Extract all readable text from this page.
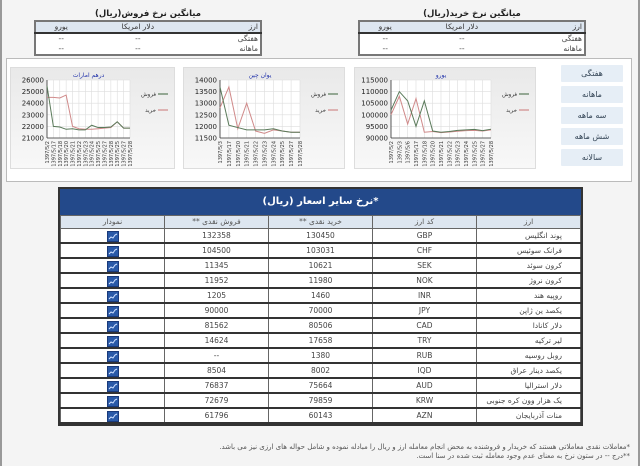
میانگین نرخ خرید(ریال)
ارز	دلار امریکا	یورو
هفتگی	--	--
ماهانه	--	--
میانگین نرخ فروش(ریال)
ارز	دلار امریکا	یورو
هفتگی	--	--
ماهانه	--	--
21000
22000
23000
24000
25000
26000
1397/5/2 1397/5/17 1397/5/18 1397/5/20 1397/5/21 1397/5/22 1397/5/23 1397/5/24 1397/5/25 1397/5/27 1397/5/28 1397/5/25 1397/5/27 1397/5/28
درهم امارات
فروش
خرید
11500
12000
12500
13000
13500
14000
1397/5/3 1397/5/17 1397/5/20 1397/5/21 1397/5/22 1397/5/23 1397/5/24 1397/5/25 1397/5/27 1397/5/28
یوان چین
فروش
خرید
90000
95000
100000
105000
110000
115000
1397/5/2 1397/5/3 1397/5/6 1397/5/17 1397/5/18 1397/5/20 1397/5/21 1397/5/22 1397/5/23 1397/5/24 1397/5/25 1397/5/27 1397/5/28
یورو
فروش
خرید
هفتگی
ماهانه
سه ماهه
شش ماهه
سالانه
نرخ سایر اسعار (ریال)*
ارز	کد ارز	خرید نقدی **	فروش نقدی **	نمودار
پوند انگلیس	GBP	130450	132358	

فرانک سوئیس	CHF	103031	104500	

کرون سوئد	SEK	10621	11345	

کرون نروژ	NOK	11980	11952	

روپیه هند	INR	1460	1205	

یکصد ین ژاپن	JPY	70000	90000	

دلار کانادا	CAD	80506	81562	

لیر ترکیه	TRY	17658	14624	

روبل روسیه	RUB	1380	--	

یکصد دینار عراق	IQD	8002	8504	

دلار استرالیا	AUD	75664	76837	

یک هزار وون کره جنوبی	KRW	79859	72679	

منات آذربایجان	AZN	60143	61796	
*معاملات نقدی معاملاتی هستند که خریدار و فروشنده به محض انجام معامله ارز و ریال را مبادله نموده و شامل حواله های ارزی نیز می باشد.
**درج -- در ستون نرخ به معنای عدم وجود معامله ثبت شده در سنا است.
